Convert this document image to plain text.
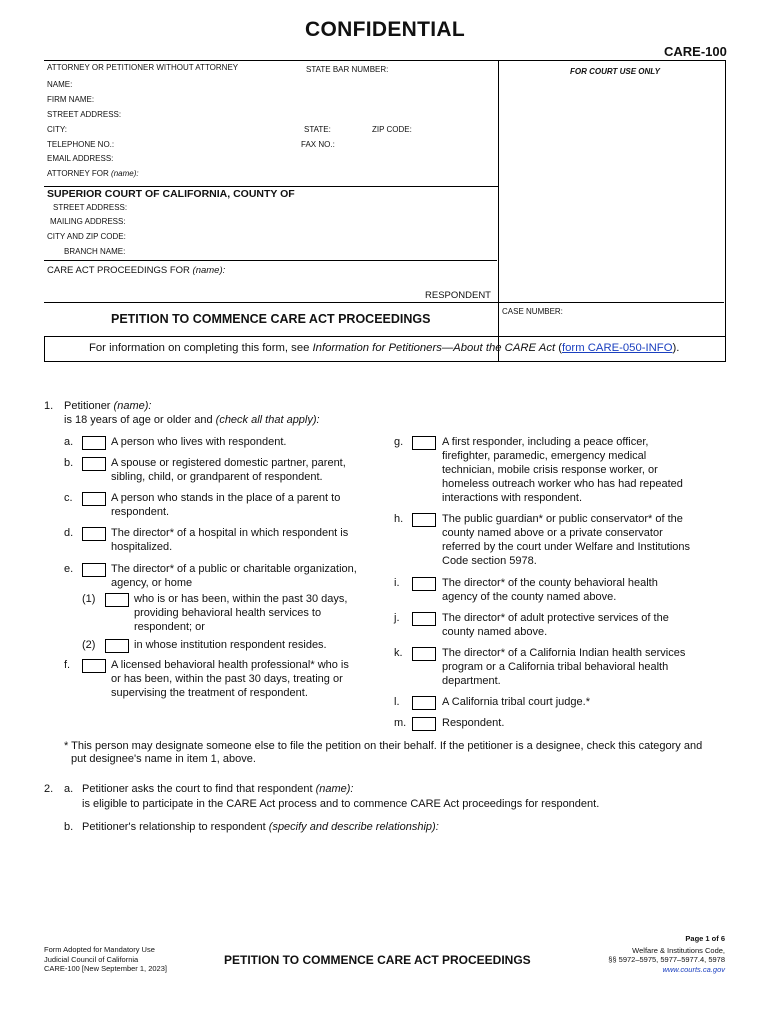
CONFIDENTIAL
CARE-100
ATTORNEY OR PETITIONER WITHOUT ATTORNEY	STATE BAR NUMBER:
NAME:
FIRM NAME:
STREET ADDRESS:
CITY:	STATE:	ZIP CODE:
TELEPHONE NO.:	FAX NO.:
EMAIL ADDRESS:
ATTORNEY FOR (name):
FOR COURT USE ONLY
SUPERIOR COURT OF CALIFORNIA, COUNTY OF
STREET ADDRESS:
MAILING ADDRESS:
CITY AND ZIP CODE:
BRANCH NAME:
CARE ACT PROCEEDINGS FOR (name):
RESPONDENT
PETITION TO COMMENCE CARE ACT PROCEEDINGS
CASE NUMBER:
For information on completing this form, see Information for Petitioners—About the CARE Act (form CARE-050-INFO).
1. Petitioner (name):
is 18 years of age or older and (check all that apply):
a.	A person who lives with respondent.
b.	A spouse or registered domestic partner, parent,
sibling, child, or grandparent of respondent.
c.	A person who stands in the place of a parent to
respondent.
d.	The director* of a hospital in which respondent is
hospitalized.
e.	The director* of a public or charitable organization,
agency, or home
f.	A licensed behavioral health professional* who is
or has been, within the past 30 days, treating or
supervising the treatment of respondent.
(1)	who is or has been, within the past 30 days,
providing behavioral health services to
respondent; or
(2)	in whose institution respondent resides.
g.	A first responder, including a peace officer,
firefighter, paramedic, emergency medical
technician, mobile crisis response worker, or
homeless outreach worker who has had repeated
interactions with respondent.
h.	The public guardian* or public conservator* of the
county named above or a private conservator
referred by the court under Welfare and Institutions
Code section 5978.
i.	The director* of the county behavioral health
agency of the county named above.
j.	The director* of adult protective services of the
county named above.
k.	The director* of a California Indian health services
program or a California tribal behavioral health
department.
l.	A California tribal court judge.*
m.	Respondent.
* This person may designate someone else to file the petition on their behalf. If the petitioner is a designee, check this category and
put designee's name in item 1, above.
2. a. Petitioner asks the court to find that respondent (name):
is eligible to participate in the CARE Act process and to commence CARE Act proceedings for respondent.
b. Petitioner's relationship to respondent (specify and describe relationship):
Form Adopted for Mandatory Use
Judicial Council of California
CARE-100 [New September 1, 2023]
PETITION TO COMMENCE CARE ACT PROCEEDINGS
Page 1 of 6
Welfare & Institutions Code,
§§ 5972–5975, 5977–5977.4, 5978
www.courts.ca.gov
